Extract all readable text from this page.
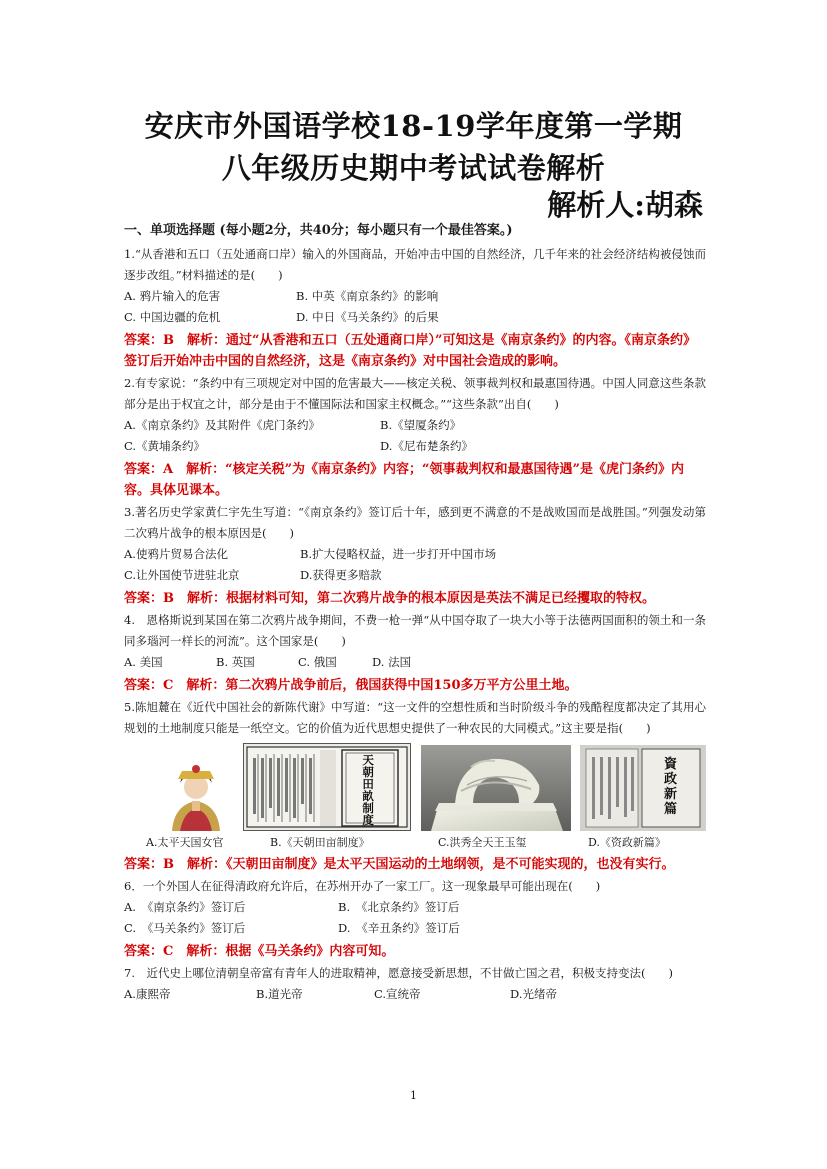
安庆市外国语学校18-19学年度第一学期
八年级历史期中考试试卷解析
解析人:胡森
一、单项选择题 (每小题2分，共40分；每小题只有一个最佳答案。)
1.“从香港和五口（五处通商口岸）输入的外国商品，开始冲击中国的自然经济，几千年来的社会经济结构被侵蚀而逐步改组。”材料描述的是(　　)
A. 鸦片输入的危害	B. 中英《南京条约》的影响
C. 中国边疆的危机	D. 中日《马关条约》的后果
答案：B　解析：通过“从香港和五口（五处通商口岸）”可知这是《南京条约》的内容。《南京条约》签订后开始冲击中国的自然经济，这是《南京条约》对中国社会造成的影响。
2.有专家说：“条约中有三项规定对中国的危害最大——核定关税、领事裁判权和最惠国待遇。中国人同意这些条款部分是出于权宜之计，部分是由于不懂国际法和国家主权概念。”“这些条款”出自(　　)
A.《南京条约》及其附件《虎门条约》	B.《望厦条约》
C.《黄埔条约》	D.《尼布楚条约》
答案：A　解析：“核定关税”为《南京条约》内容；“领事裁判权和最惠国待遇”是《虎门条约》内容。具体见课本。
3.著名历史学家黄仁宇先生写道：“《南京条约》签订后十年，感到更不满意的不是战败国而是战胜国。”列强发动第二次鸦片战争的根本原因是(　　)
A.使鸦片贸易合法化	B.扩大侵略权益，进一步打开中国市场
C.让外国使节进驻北京	D.获得更多赔款
答案：B　解析：根据材料可知，第二次鸦片战争的根本原因是英法不满足已经攫取的特权。
4.　恩格斯说到某国在第二次鸦片战争期间，不费一枪一弹“从中国夺取了一块大小等于法德两国面积的领土和一条同多瑙河一样长的河流”。这个国家是(　　)
A. 美国	B. 英国	C. 俄国	D. 法国
答案：C　解析：第二次鸦片战争前后，俄国获得中国150多万平方公里土地。
5.陈旭麓在《近代中国社会的新陈代谢》中写道：“这一文件的空想性质和当时阶级斗争的残酷程度都决定了其用心规划的土地制度只能是一纸空文。它的价值为近代思想史提供了一种农民的大同模式。”这主要是指(　　)
天朝田畝制度
資政新篇
A.太平天国女官	B.《天朝田亩制度》	C.洪秀全天王玉玺	D.《资政新篇》
答案：B　解析：《天朝田亩制度》是太平天国运动的土地纲领，是不可能实现的，也没有实行。
6．一个外国人在征得清政府允许后，在苏州开办了一家工厂。这一现象最早可能出现在(　　)
A.　《南京条约》签订后	B.　《北京条约》签订后
C.　《马关条约》签订后	D.　《辛丑条约》签订后
答案：C　解析：根据《马关条约》内容可知。
7.　近代史上哪位清朝皇帝富有青年人的进取精神，愿意接受新思想，不甘做亡国之君，积极支持变法(　　)
A.康熙帝	B.道光帝	C.宣统帝	D.光绪帝
1
